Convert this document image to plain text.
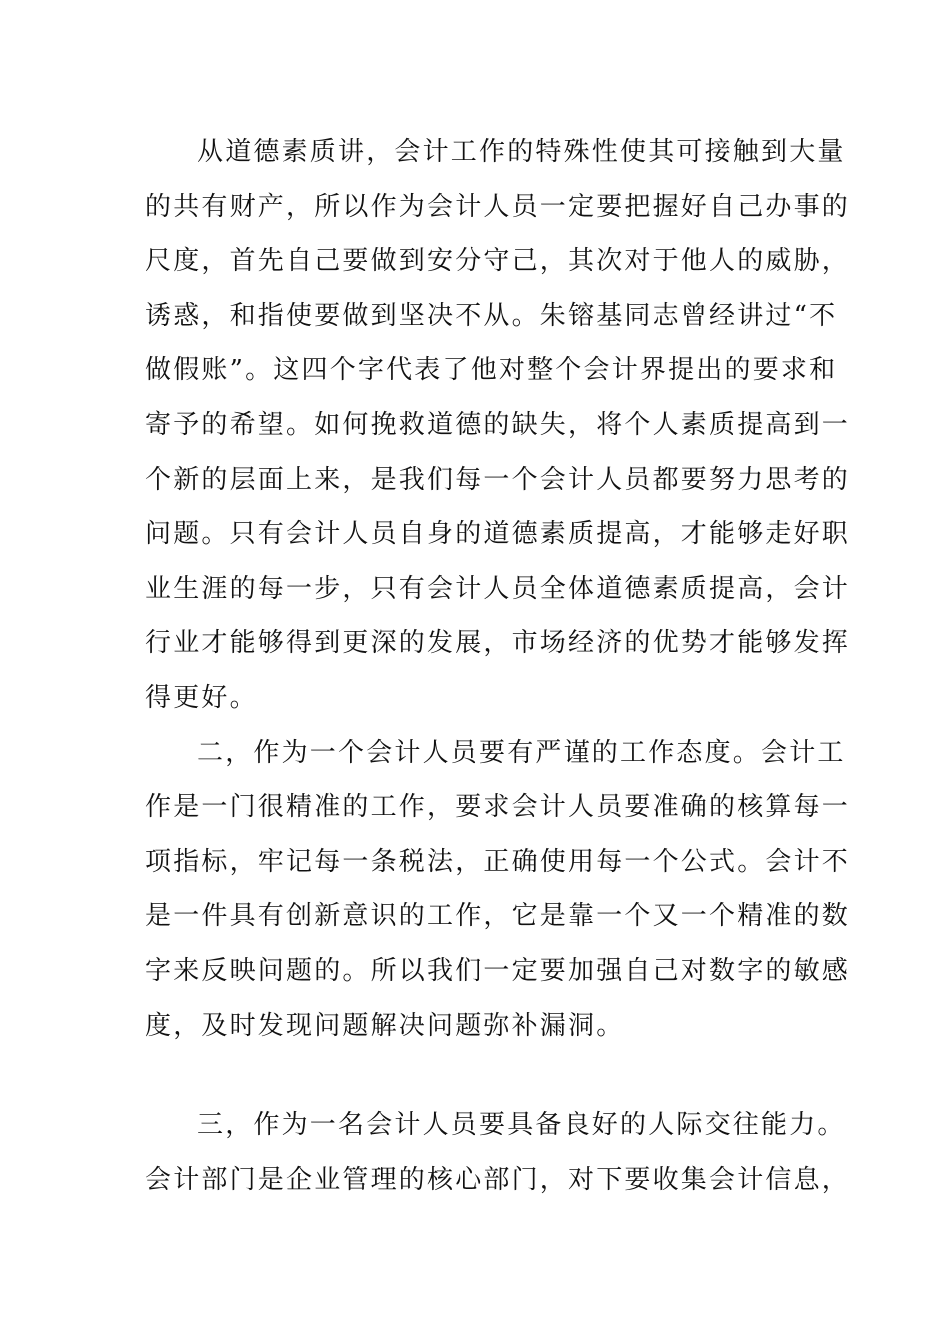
从道德素质讲，会计工作的特殊性使其可接触到大量
的共有财产，所以作为会计人员一定要把握好自己办事的
尺度，首先自己要做到安分守己，其次对于他人的威胁，
诱惑，和指使要做到坚决不从。朱镕基同志曾经讲过“不
做假账”。这四个字代表了他对整个会计界提出的要求和
寄予的希望。如何挽救道德的缺失，将个人素质提高到一
个新的层面上来，是我们每一个会计人员都要努力思考的
问题。只有会计人员自身的道德素质提高，才能够走好职
业生涯的每一步，只有会计人员全体道德素质提高，会计
行业才能够得到更深的发展，市场经济的优势才能够发挥
得更好。
二，作为一个会计人员要有严谨的工作态度。会计工
作是一门很精准的工作，要求会计人员要准确的核算每一
项指标，牢记每一条税法，正确使用每一个公式。会计不
是一件具有创新意识的工作，它是靠一个又一个精准的数
字来反映问题的。所以我们一定要加强自己对数字的敏感
度，及时发现问题解决问题弥补漏洞。
三，作为一名会计人员要具备良好的人际交往能力。
会计部门是企业管理的核心部门，对下要收集会计信息，
